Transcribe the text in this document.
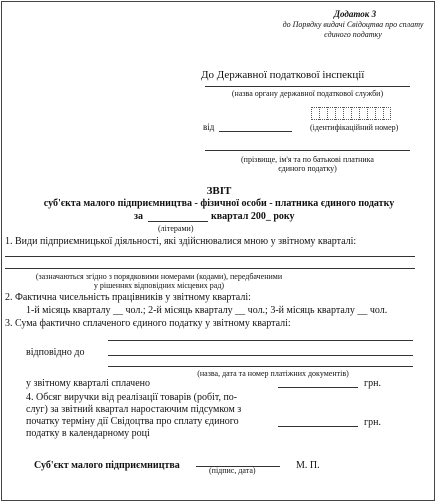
Додаток 3
до Порядку видачі Свідоцтва про сплату
єдиного податку
До Державної податкової інспекції
(назва органу державної податкової служби)
від	(ідентифікаційний номер)
(прізвище, ім'я та по батькові платника
єдиного податку)
ЗВІТ
суб'єкта малого підприємництва - фізичної особи - платника єдиного податку
за	квартал 200_ року
(літерами)
1. Види підприємницької діяльності, які здійснювалися мною у звітному кварталі:
(зазначаються згідно з порядковими номерами (кодами), передбаченими
у рішеннях відповідних місцевих рад)
2. Фактична чисельність працівників у звітному кварталі:
1-й місяць кварталу __ чол.; 2-й місяць кварталу __ чол.; 3-й місяць кварталу __ чол.
3. Сума фактично сплаченого єдиного податку у звітному кварталі:
відповідно до
(назва, дата та номер платіжних документів)
у звітному кварталі сплачено	грн.
4. Обсяг виручки від реалізації товарів (робіт, по-
слуг) за звітний квартал наростаючим підсумком з
початку терміну дії Свідоцтва про сплату єдиного
податку в календарному році
грн.
Суб'єкт малого підприємництва	(підпис, дата)	М. П.
